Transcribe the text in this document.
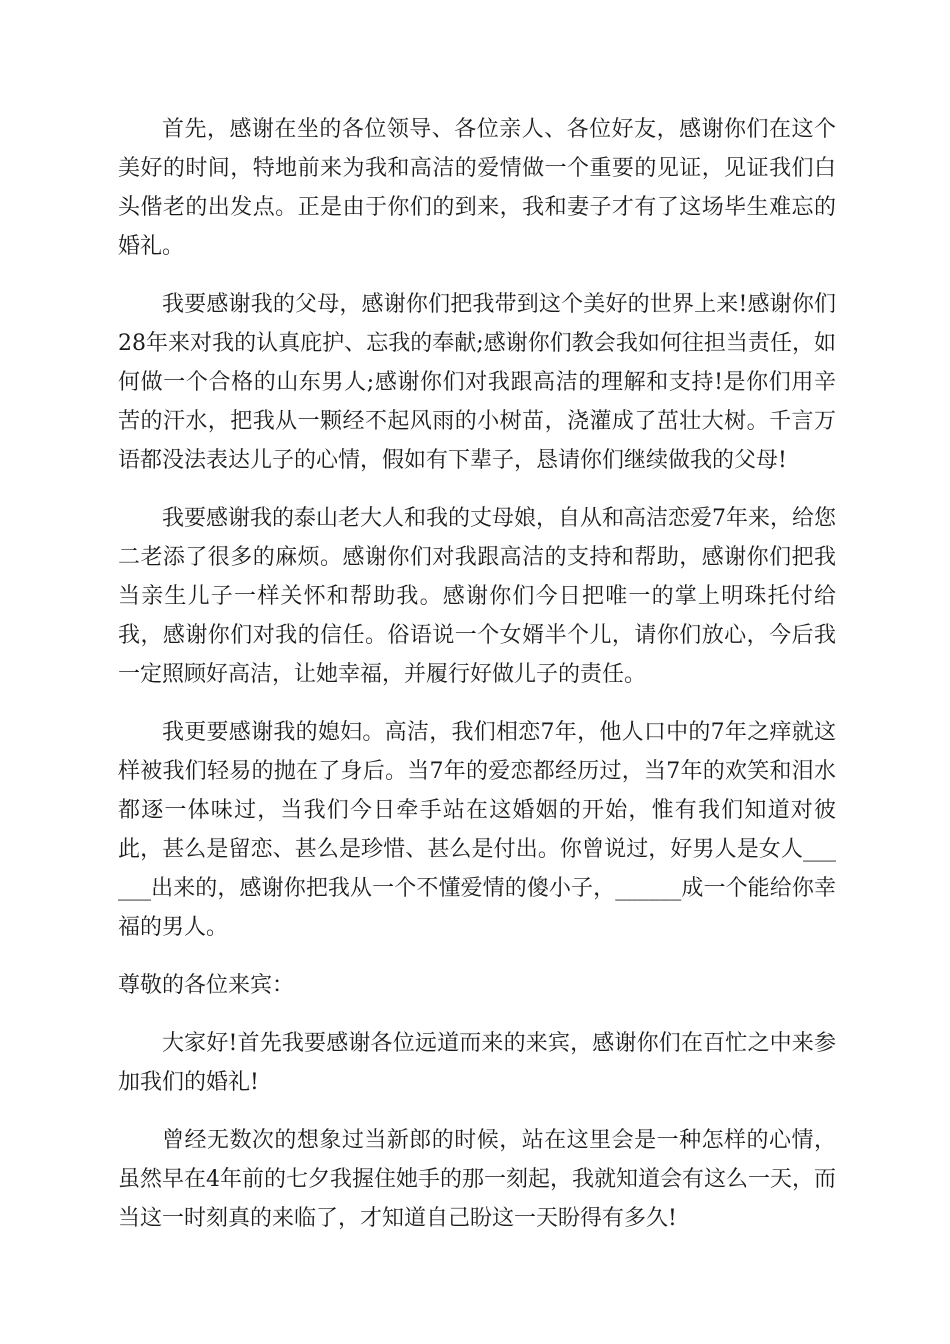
首先，感谢在坐的各位领导、各位亲人、各位好友，感谢你们在这个美好的时间，特地前来为我和高洁的爱情做一个重要的见证，见证我们白头偕老的出发点。正是由于你们的到来，我和妻子才有了这场毕生难忘的婚礼。

我要感谢我的父母，感谢你们把我带到这个美好的世界上来!感谢你们28年来对我的认真庇护、忘我的奉献;感谢你们教会我如何往担当责任，如何做一个合格的山东男人;感谢你们对我跟高洁的理解和支持!是你们用辛苦的汗水，把我从一颗经不起风雨的小树苗，浇灌成了茁壮大树。千言万语都没法表达儿子的心情，假如有下辈子，恳请你们继续做我的父母!

我要感谢我的泰山老大人和我的丈母娘，自从和高洁恋爱7年来，给您二老添了很多的麻烦。感谢你们对我跟高洁的支持和帮助，感谢你们把我当亲生儿子一样关怀和帮助我。感谢你们今日把唯一的掌上明珠托付给我，感谢你们对我的信任。俗语说一个女婿半个儿，请你们放心，今后我一定照顾好高洁，让她幸福，并履行好做儿子的责任。

我更要感谢我的媳妇。高洁，我们相恋7年，他人口中的7年之痒就这样被我们轻易的抛在了身后。当7年的爱恋都经历过，当7年的欢笑和泪水都逐一体味过，当我们今日牵手站在这婚姻的开始，惟有我们知道对彼此，甚么是留恋、甚么是珍惜、甚么是付出。你曾说过，好男人是女人______出来的，感谢你把我从一个不懂爱情的傻小子，______成一个能给你幸福的男人。

尊敬的各位来宾：

大家好!首先我要感谢各位远道而来的来宾，感谢你们在百忙之中来参加我们的婚礼!

曾经无数次的想象过当新郎的时候，站在这里会是一种怎样的心情，虽然早在4年前的七夕我握住她手的那一刻起，我就知道会有这么一天，而当这一时刻真的来临了，才知道自己盼这一天盼得有多久!
